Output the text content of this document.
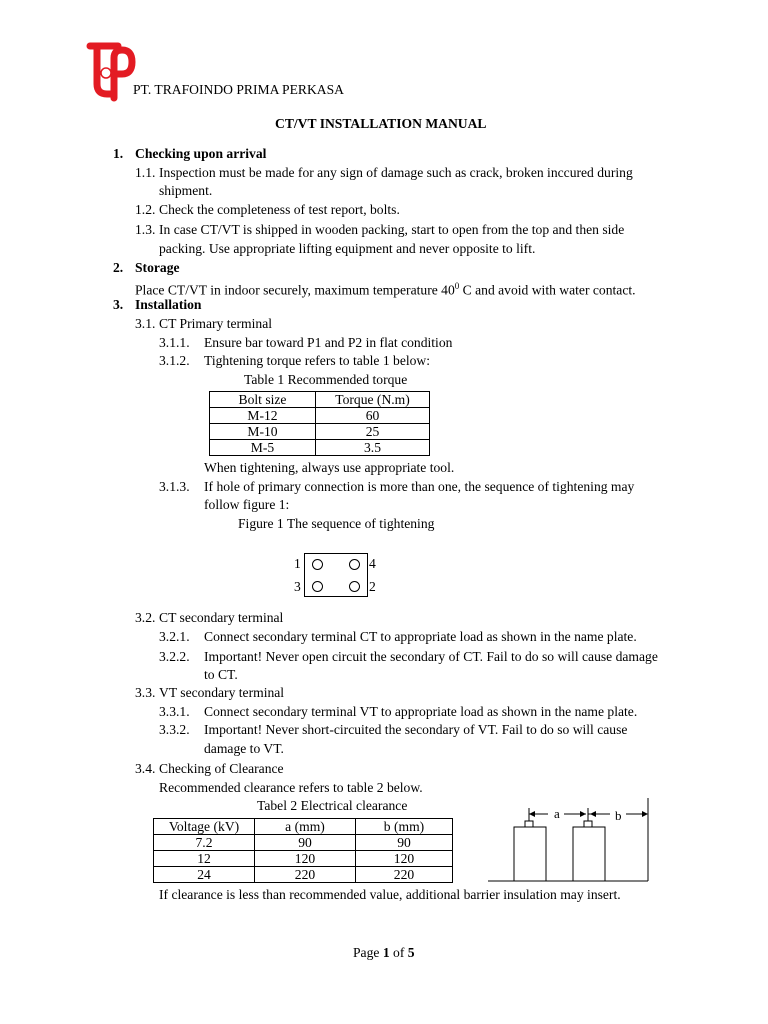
PT. TRAFOINDO PRIMA PERKASA
CT/VT INSTALLATION MANUAL
1. Checking upon arrival
1.1. Inspection must be made for any sign of damage such as crack, broken inccured during
shipment.
1.2. Check the completeness of test report, bolts.
1.3. In case CT/VT is shipped in wooden packing, start to open from the top and then side
packing. Use appropriate lifting equipment and never opposite to lift.
2. Storage
Place CT/VT in indoor securely, maximum temperature $40^0$ C and avoid with water contact.
3. Installation
3.1. CT Primary terminal
3.1.1. Ensure bar toward P1 and P2 in flat condition
3.1.2. Tightening torque refers to table 1 below:
Table 1 Recommended torque
Bolt size	Torque (N.m)
M-12	60
M-10	25
M-5	3.5
When tightening, always use appropriate tool.
3.1.3. If hole of primary connection is more than one, the sequence of tightening may
follow figure 1:
Figure 1 The sequence of tightening
1	4
3	2
3.2. CT secondary terminal
3.2.1. Connect secondary terminal CT to appropriate load as shown in the name plate.
3.2.2. Important! Never open circuit the secondary of CT. Fail to do so will cause damage
to CT.
3.3. VT secondary terminal
3.3.1. Connect secondary terminal VT to appropriate load as shown in the name plate.
3.3.2. Important! Never short-circuited the secondary of VT. Fail to do so will cause
damage to VT.
3.4. Checking of Clearance
Recommended clearance refers to table 2 below.
Tabel 2 Electrical clearance
Voltage (kV)	a (mm)	b (mm)
7.2	90	90
12	120	120
24	220	220
a	b
If clearance is less than recommended value, additional barrier insulation may insert.
Page 1 of 5
